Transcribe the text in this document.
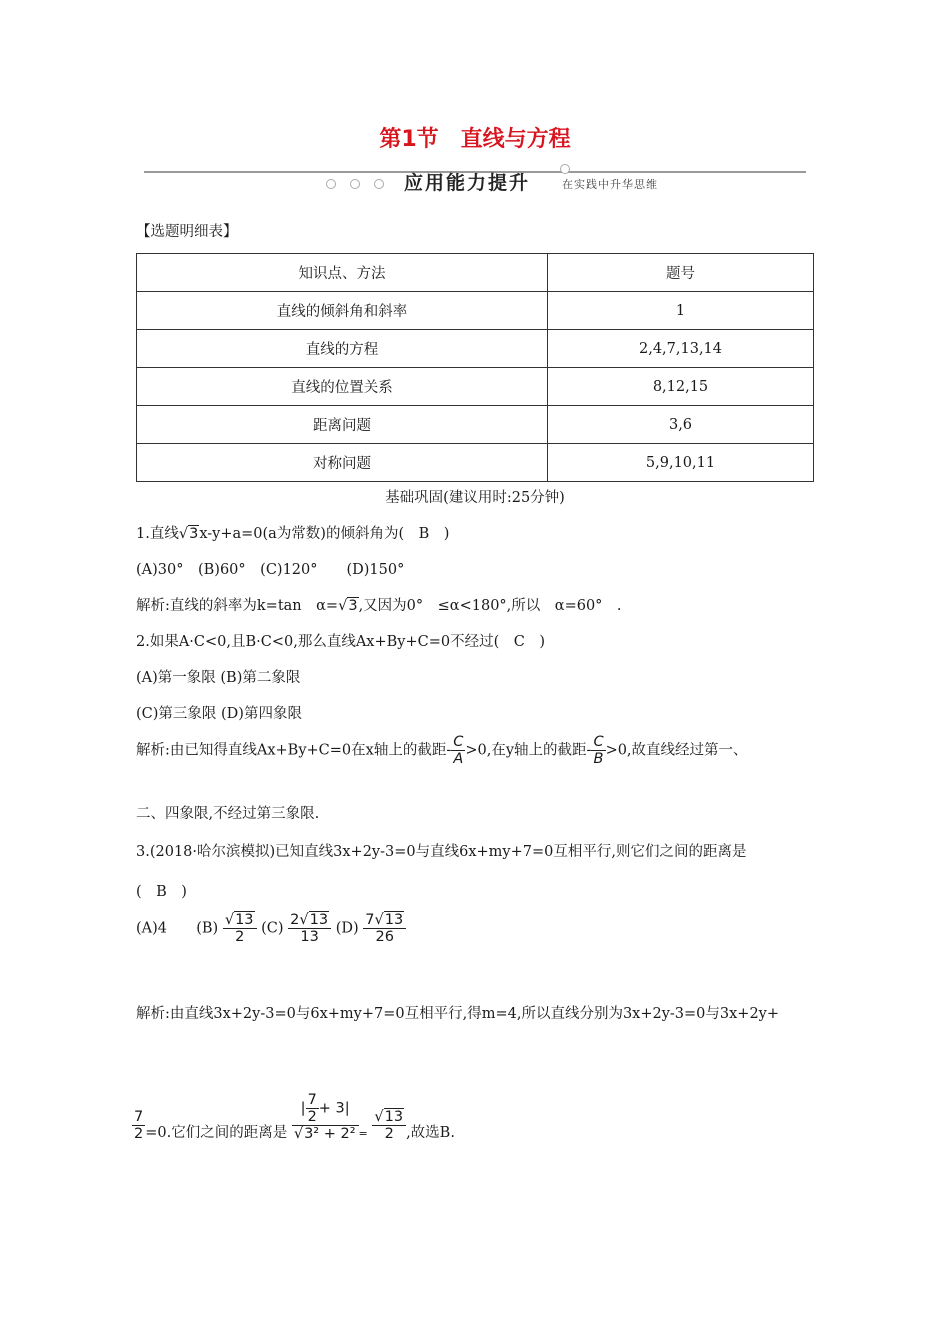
第1节　直线与方程
应用能力提升	在实践中升华思维
【选题明细表】
知识点、方法	题号
直线的倾斜角和斜率	1
直线的方程	2,4,7,13,14
直线的位置关系	8,12,15
距离问题	3,6
对称问题	5,9,10,11
基础巩固(建议用时:25分钟)
1.直线√3x-y+a=0(a为常数)的倾斜角为(　B　)
(A)30°　(B)60°　(C)120°　　(D)150°
解析:直线的斜率为k=tan　α=√3,又因为0°　≤α<180°,所以　α=60°　.
2.如果A·C<0,且B·C<0,那么直线Ax+By+C=0不经过(　C　)
(A)第一象限 (B)第二象限
(C)第三象限 (D)第四象限
解析:由已知得直线Ax+By+C=0在x轴上的截距- $\frac{C}{A} >0$,在y轴上的截距- $\frac{C}{B} >0$,故直线经过第一、
二、四象限,不经过第三象限.
3.(2018·哈尔滨模拟)已知直线3x+2y-3=0与直线6x+my+7=0互相平行,则它们之间的距离是
(　B　)
(A)4 $(B) \frac{√13}{2} (C) \frac{2√13}{13} (D) \frac{7√13}{26}$
解析:由直线3x+2y-3=0与6x+my+7=0互相平行,得m=4,所以直线分别为3x+2y-3=0与3x+2y+
$\frac{7}{2} =0$.它们之间的距离是 $\frac{| \frac{7}{2} + 3|}{\text{√3² + 2²}} = \frac{√13}{2}$ ,故选B.
